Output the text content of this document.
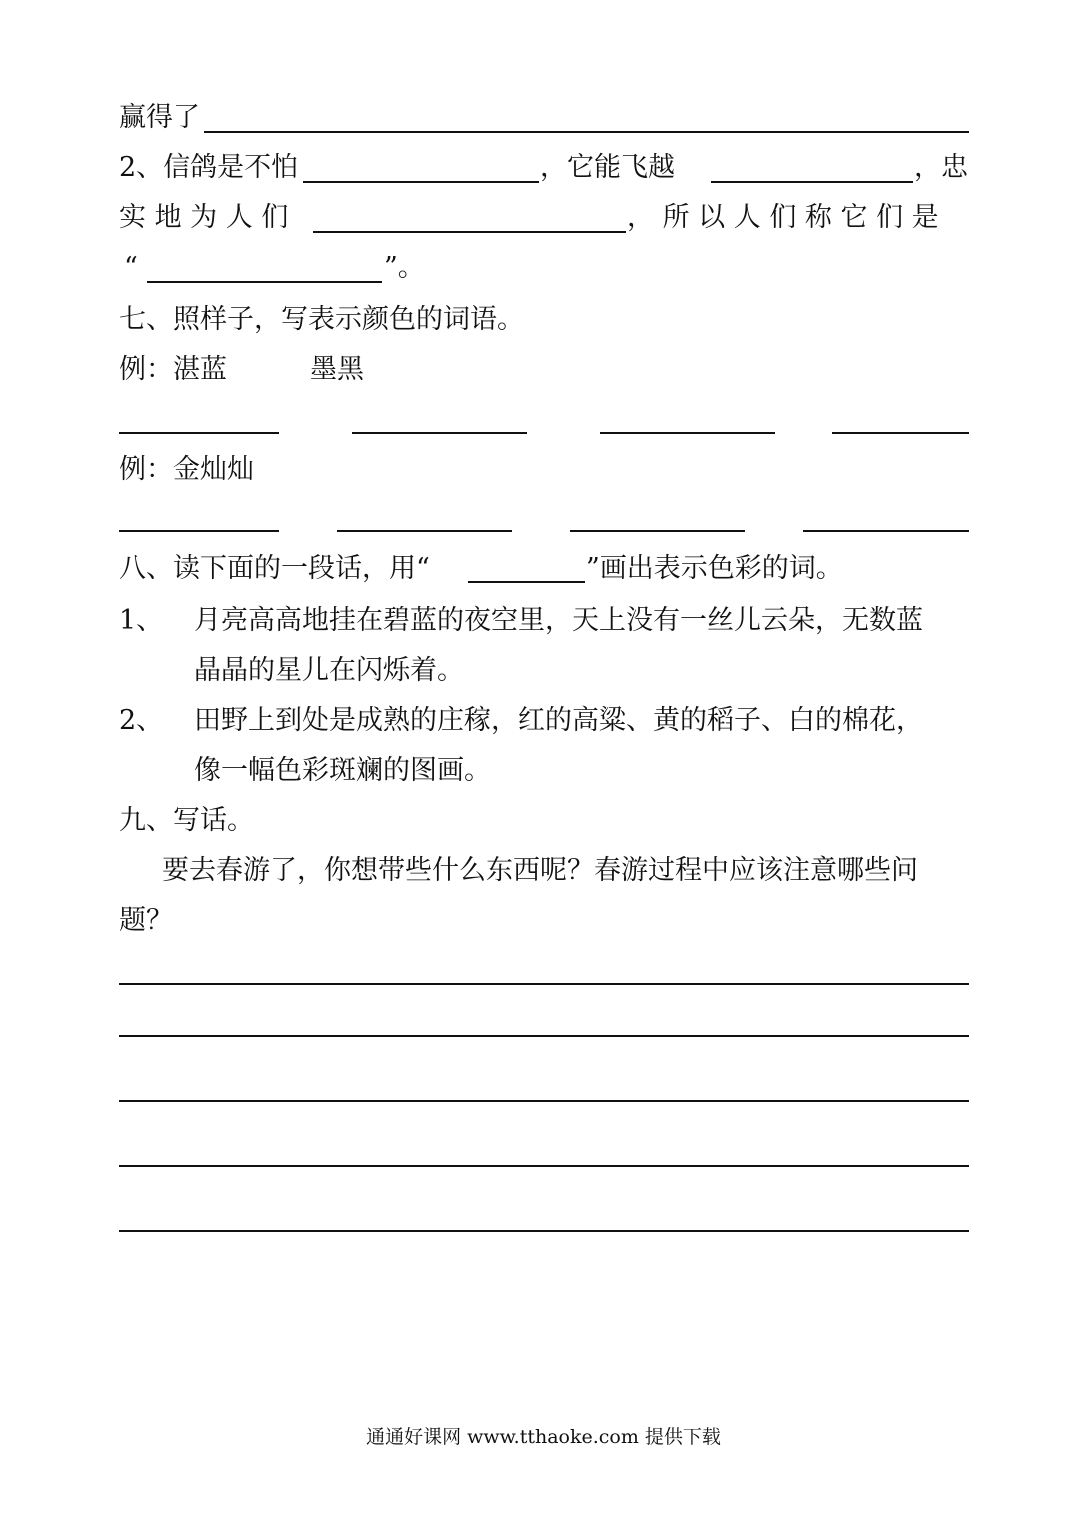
赢得了
2、信鸽是不怕	，它能飞越	，忠
实 地 为 人 们	， 所 以 人 们 称 它 们 是
“	”。
七、照样子，写表示颜色的词语。
例：湛蓝	墨黑
例：金灿灿
八、读下面的一段话，用“	”画出表示色彩的词。
1、 月亮高高地挂在碧蓝的夜空里，天上没有一丝儿云朵，无数蓝
晶晶的星儿在闪烁着。
2、 田野上到处是成熟的庄稼，红的高粱、黄的稻子、白的棉花，
像一幅色彩斑斓的图画。
九、写话。
要去春游了，你想带些什么东西呢？春游过程中应该注意哪些问
题？
通通好课网 www.tthaoke.com 提供下载
